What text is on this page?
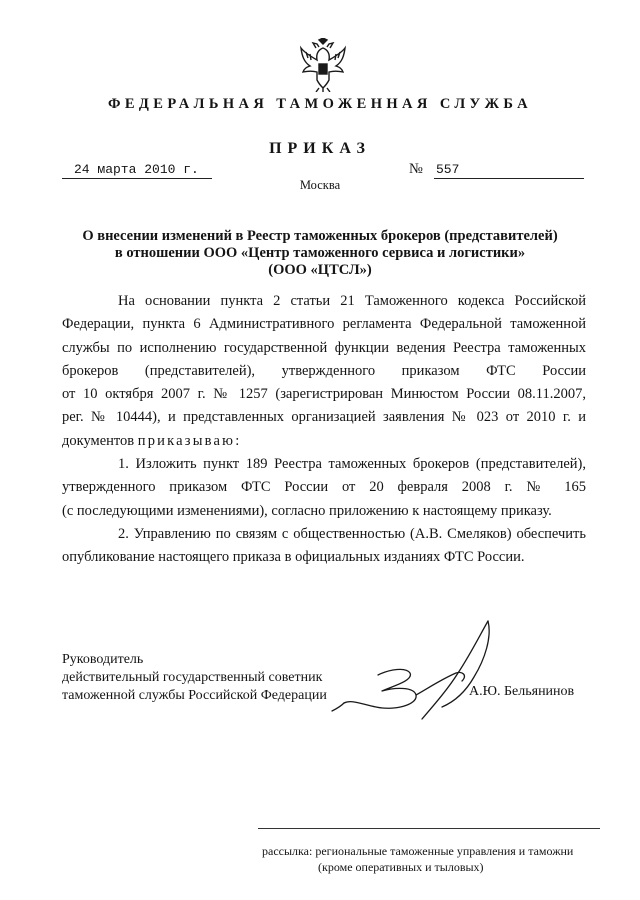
ФЕДЕРАЛЬНАЯ ТАМОЖЕННАЯ СЛУЖБА
ПРИКАЗ
24 марта 2010 г.	№ 557
Москва
О внесении изменений в Реестр таможенных брокеров (представителей)
в отношении ООО «Центр таможенного сервиса и логистики»
(ООО «ЦТСЛ»)
На основании пункта 2 статьи 21 Таможенного кодекса Российской
Федерации, пункта 6 Административного регламента Федеральной таможенной
службы по исполнению государственной функции ведения Реестра таможенных
брокеров (представителей), утвержденного приказом ФТС России
от 10 октября 2007 г. № 1257 (зарегистрирован Минюстом России 08.11.2007,
рег. № 10444), и представленных организацией заявления № 023 от 2010 г. и
документов приказываю:
1. Изложить пункт 189 Реестра таможенных брокеров (представителей),
утвержденного приказом ФТС России от 20 февраля 2008 г. № 165
(с последующими изменениями), согласно приложению к настоящему приказу.
2. Управлению по связям с общественностью (А.В. Смеляков) обеспечить
опубликование настоящего приказа в официальных изданиях ФТС России.
Руководитель
действительный государственный советник
таможенной службы Российской Федерации	А.Ю. Бельянинов
рассылка: региональные таможенные управления и таможни
(кроме оперативных и тыловых)
